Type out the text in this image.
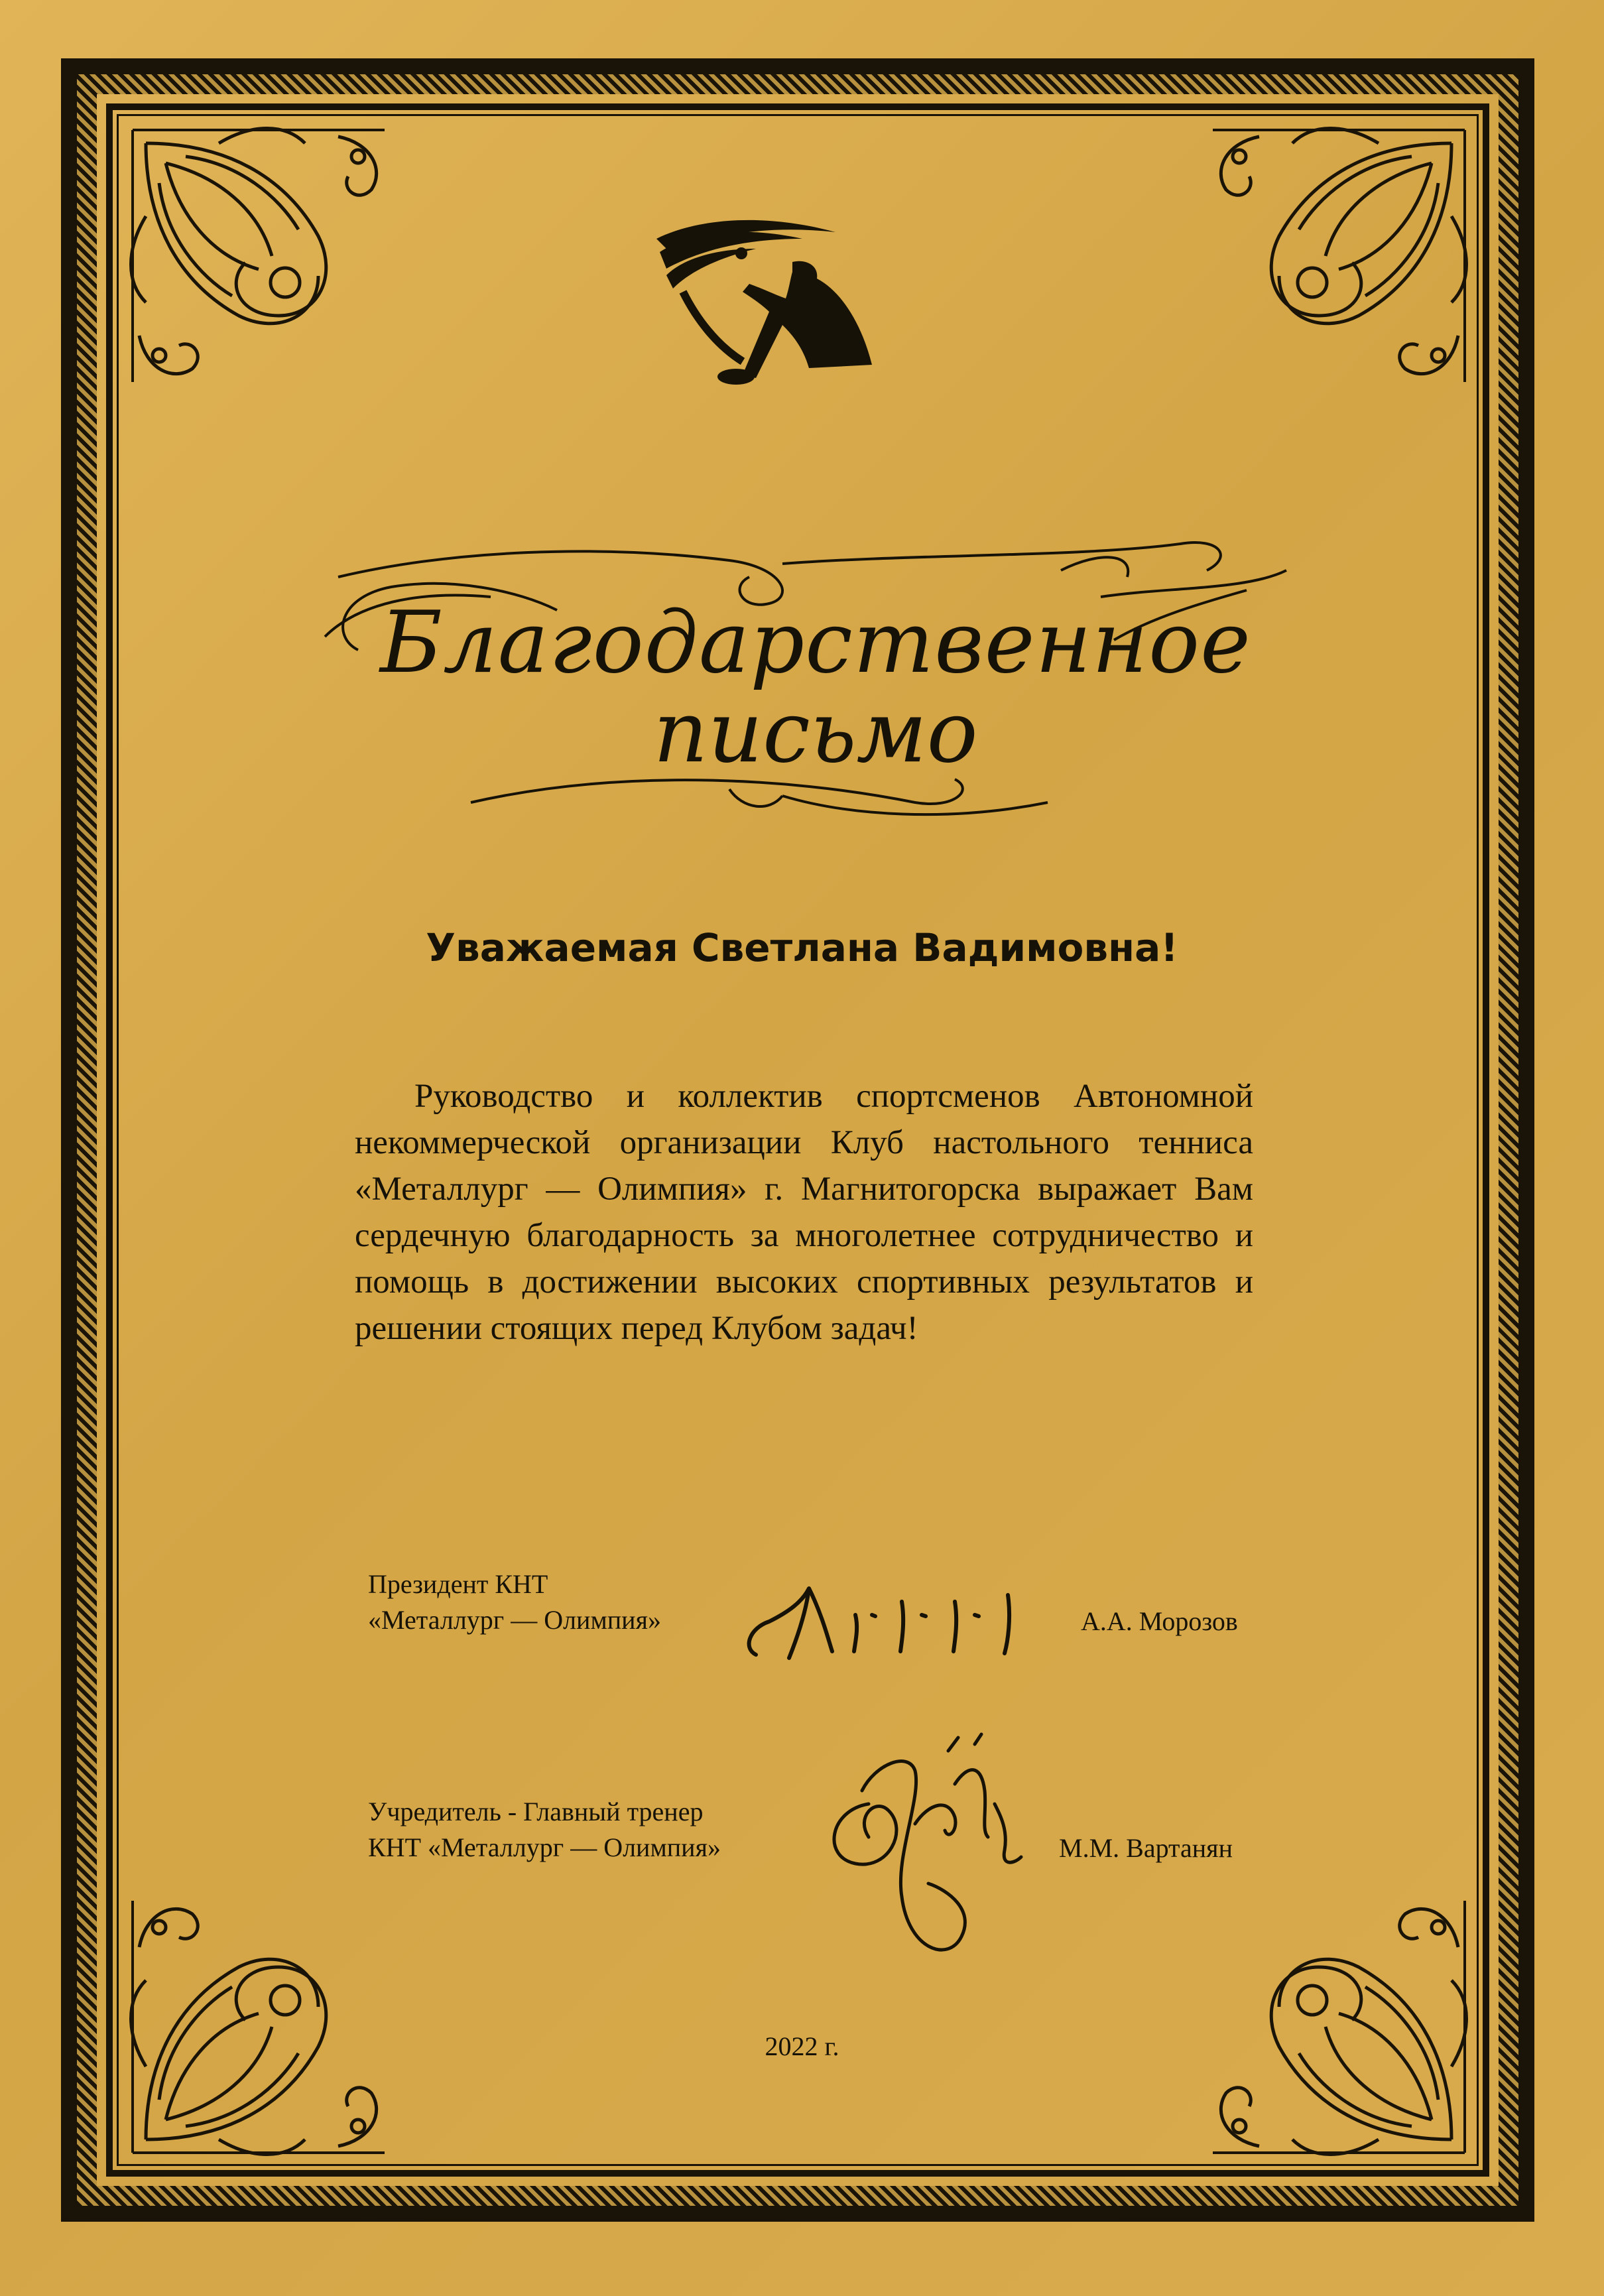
Благодарственное
письмо
Уважаемая Светлана Вадимовна!
Руководство и коллектив спортсменов Автономной некоммерческой организации Клуб настольного тенниса «Металлург — Олимпия» г. Магнитогорска выражает Вам сердечную благодарность за многолетнее сотрудничество и помощь в достижении высоких спортивных результатов и решении стоящих перед Клубом задач!
Президент КНТ
«Металлург — Олимпия»	А.А. Морозов
Учредитель - Главный тренер
КНТ «Металлург — Олимпия»	М.М. Вартанян
2022 г.
